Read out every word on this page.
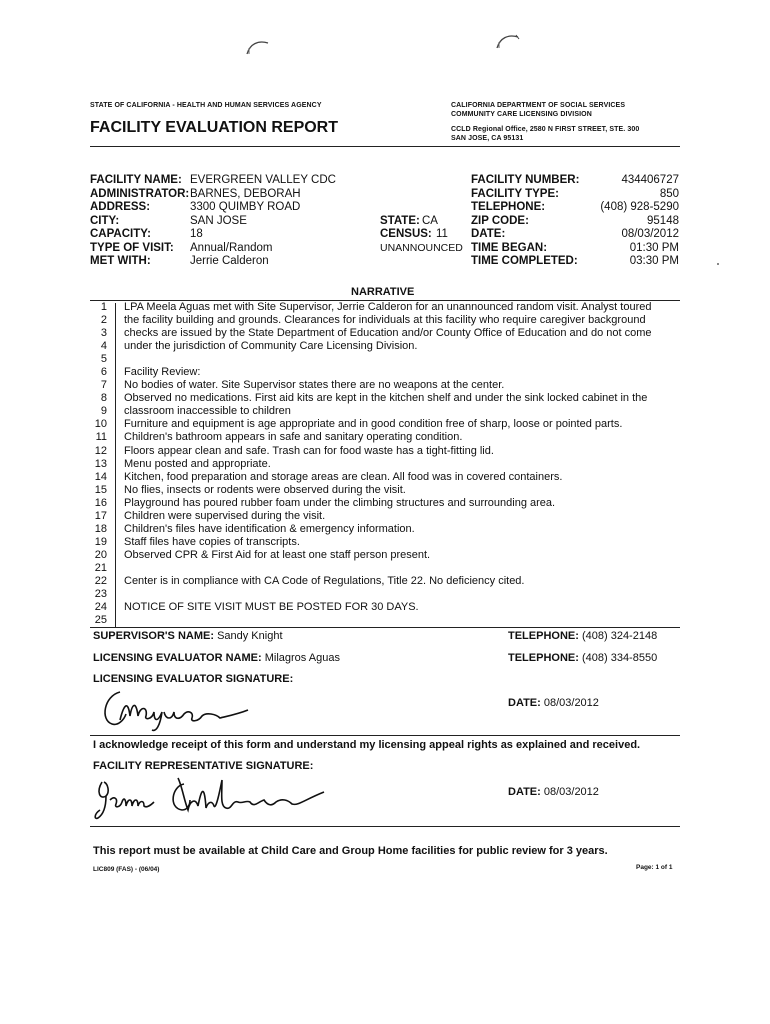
STATE OF CALIFORNIA - HEALTH AND HUMAN SERVICES AGENCY
FACILITY EVALUATION REPORT
CALIFORNIA DEPARTMENT OF SOCIAL SERVICES
COMMUNITY CARE LICENSING DIVISION
CCLD Regional Office, 2580 N FIRST STREET, STE. 300
SAN JOSE, CA 95131
FACILITY NAME: EVERGREEN VALLEY CDC
ADMINISTRATOR: BARNES, DEBORAH
ADDRESS:	3300 QUIMBY ROAD
CITY:	SAN JOSE
CAPACITY:	18
TYPE OF VISIT: Annual/Random
MET WITH:	Jerrie Calderon
STATE: CA
CENSUS: 11
UNANNOUNCED
FACILITY NUMBER:	434406727
FACILITY TYPE:	850
TELEPHONE:	(408) 928-5290
ZIP CODE:	95148
DATE:	08/03/2012
TIME BEGAN:	01:30 PM
TIME COMPLETED:	03:30 PM
NARRATIVE
1 LPA Meela Aguas met with Site Supervisor, Jerrie Calderon for an unannounced random visit. Analyst toured
2 the facility building and grounds. Clearances for individuals at this facility who require caregiver background
3 checks are issued by the State Department of Education and/or County Office of Education and do not come
4 under the jurisdiction of Community Care Licensing Division.
5
6 Facility Review:
7 No bodies of water. Site Supervisor states there are no weapons at the center.
8 Observed no medications. First aid kits are kept in the kitchen shelf and under the sink locked cabinet in the
9 classroom inaccessible to children
10 Furniture and equipment is age appropriate and in good condition free of sharp, loose or pointed parts.
11 Children's bathroom appears in safe and sanitary operating condition.
12 Floors appear clean and safe. Trash can for food waste has a tight-fitting lid.
13 Menu posted and appropriate.
14 Kitchen, food preparation and storage areas are clean. All food was in covered containers.
15 No flies, insects or rodents were observed during the visit.
16 Playground has poured rubber foam under the climbing structures and surrounding area.
17 Children were supervised during the visit.
18 Children's files have identification & emergency information.
19 Staff files have copies of transcripts.
20 Observed CPR & First Aid for at least one staff person present.
21
22 Center is in compliance with CA Code of Regulations, Title 22. No deficiency cited.
23
24 NOTICE OF SITE VISIT MUST BE POSTED FOR 30 DAYS.
25
SUPERVISOR'S NAME: Sandy Knight	TELEPHONE: (408) 324-2148
LICENSING EVALUATOR NAME: Milagros Aguas	TELEPHONE: (408) 334-8550
LICENSING EVALUATOR SIGNATURE:
DATE: 08/03/2012
I acknowledge receipt of this form and understand my licensing appeal rights as explained and received.
FACILITY REPRESENTATIVE SIGNATURE:
DATE: 08/03/2012
This report must be available at Child Care and Group Home facilities for public review for 3 years.
LIC809 (FAS) - (06/04)	Page: 1 of 1
